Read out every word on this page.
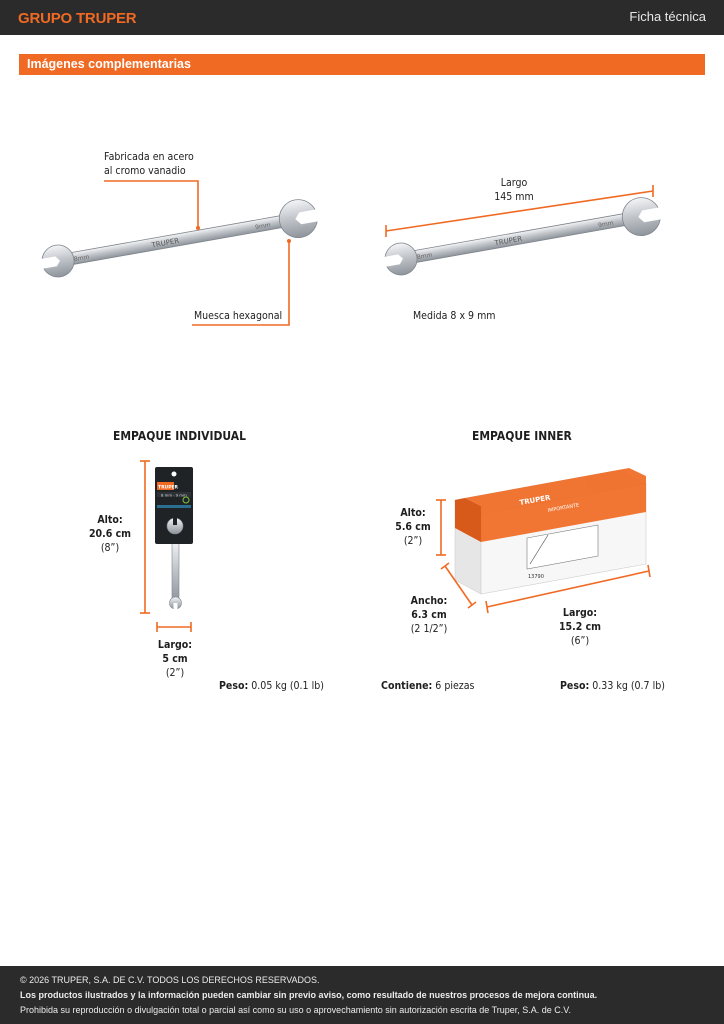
GRUPO TRUPER	Ficha técnica
Imágenes complementarias
TRUPER
8mm
9mm
TRUPER
8mm
9mm
TRUPER
8 mm · 9 mm	TRUPER
IMPORTANTE
13790
Fabricada en acero
al cromo vanadio
Muesca hexagonal
Largo
145 mm
Medida 8 x 9 mm
EMPAQUE INDIVIDUAL
Alto:
20.6 cm
(8”)
Largo:
5 cm
(2”)
Peso: 0.05 kg (0.1 lb)
EMPAQUE INNER
Alto:
5.6 cm
(2”)
Ancho:
6.3 cm
(2 1/2”)
Largo:
15.2 cm
(6”)
Contiene: 6 piezas	Peso: 0.33 kg (0.7 lb)
© 2026 TRUPER, S.A. DE C.V. TODOS LOS DERECHOS RESERVADOS.
Los productos ilustrados y la información pueden cambiar sin previo aviso, como resultado de nuestros procesos de mejora continua.
Prohibida su reproducción o divulgación total o parcial así como su uso o aprovechamiento sin autorización escrita de Truper, S.A. de C.V.
